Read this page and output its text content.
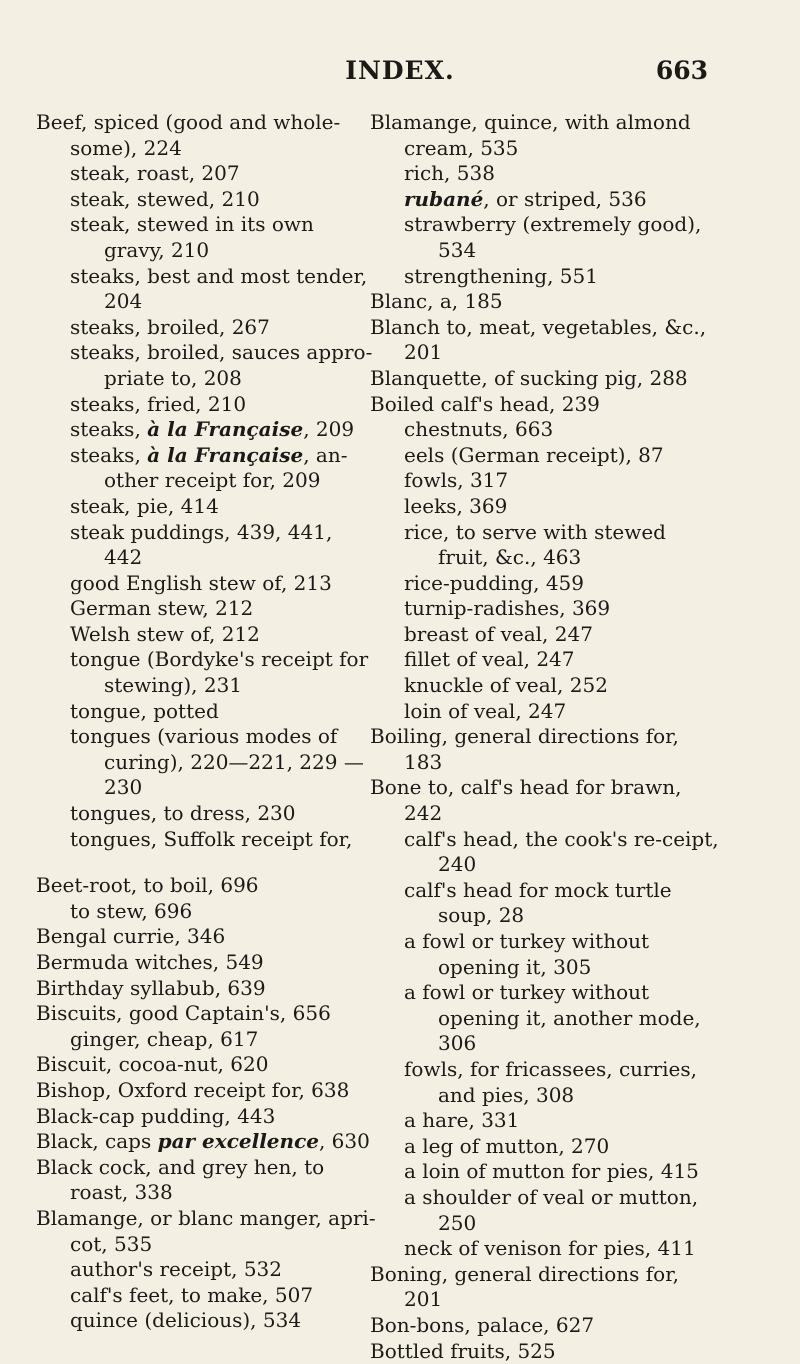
INDEX.	663
Beef, spiced (good and whole-some), 224
steak, roast, 207
steak, stewed, 210
steak, stewed in its own gravy, 210
steaks, best and most tender, 204
steaks, broiled, 267
steaks, broiled, sauces appro-priate to, 208
steaks, fried, 210
steaks, à la Française, 209
steaks, à la Française, an-other receipt for, 209
steak, pie, 414
steak puddings, 439, 441, 442
good English stew of, 213
German stew, 212
Welsh stew of, 212
tongue (Bordyke's receipt for stewing), 231
tongue, potted
tongues (various modes of curing), 220—221, 229 —230
tongues, to dress, 230
tongues, Suffolk receipt for,
Beet-root, to boil, 696
to stew, 696
Bengal currie, 346
Bermuda witches, 549
Birthday syllabub, 639
Biscuits, good Captain's, 656
ginger, cheap, 617
Biscuit, cocoa-nut, 620
Bishop, Oxford receipt for, 638
Black-cap pudding, 443
Black, caps par excellence, 630
Black cock, and grey hen, to roast, 338
Blamange, or blanc manger, apri-cot, 535
author's receipt, 532
calf's feet, to make, 507
quince (delicious), 534
Blamange, quince, with almond cream, 535
rich, 538
rubané, or striped, 536
strawberry (extremely good), 534
strengthening, 551
Blanc, a, 185
Blanch to, meat, vegetables, &c., 201
Blanquette, of sucking pig, 288
Boiled calf's head, 239
chestnuts, 663
eels (German receipt), 87
fowls, 317
leeks, 369
rice, to serve with stewed fruit, &c., 463
rice-pudding, 459
turnip-radishes, 369
breast of veal, 247
fillet of veal, 247
knuckle of veal, 252
loin of veal, 247
Boiling, general directions for, 183
Bone to, calf's head for brawn, 242
calf's head, the cook's re-ceipt, 240
calf's head for mock turtle soup, 28
a fowl or turkey without opening it, 305
a fowl or turkey without opening it, another mode, 306
fowls, for fricassees, curries, and pies, 308
a hare, 331
a leg of mutton, 270
a loin of mutton for pies, 415
a shoulder of veal or mutton, 250
neck of venison for pies, 411
Boning, general directions for, 201
Bon-bons, palace, 627
Bottled fruits, 525
